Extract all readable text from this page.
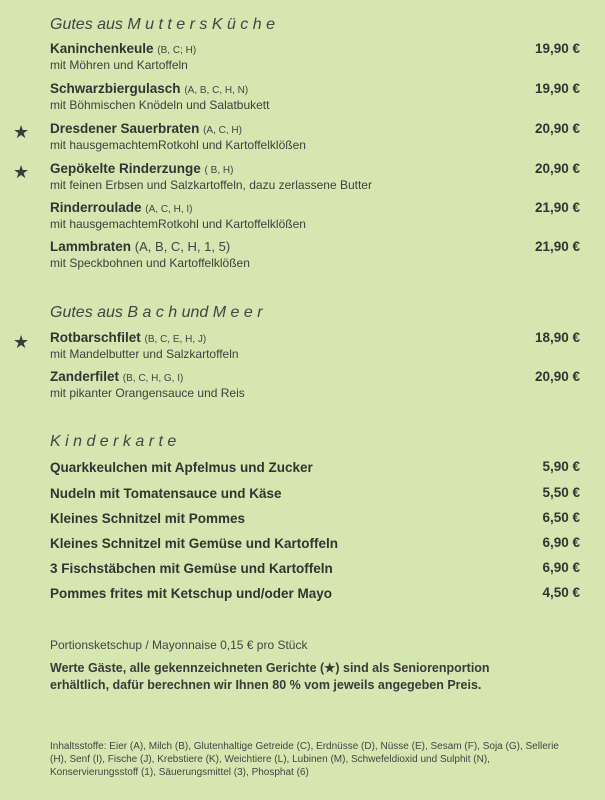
Gutes aus M u t t e r s K ü c h e
Kaninchenkeule (B, C; H)
mit Möhren und Kartoffeln
19,90 €
Schwarzbiergulasch (A, B, C, H, N)
mit Böhmischen Knödeln und Salatbukett
19,90 €
★ Dresdener Sauerbraten (A, C, H)
mit hausgemachtemRotkohl und Kartoffelklößen
20,90 €
★ Gepökelte Rinderzunge ( B, H)
mit feinen Erbsen und Salzkartoffeln, dazu zerlassene Butter
20,90 €
Rinderroulade (A, C, H, I)
mit hausgemachtemRotkohl und Kartoffelklößen
21,90 €
Lammbraten (A, B, C, H, 1, 5)
mit Speckbohnen und Kartoffelklößen
21,90 €
Gutes aus B a c h und M e e r
★ Rotbarschfilet (B, C, E, H, J)
mit Mandelbutter und Salzkartoffeln
18,90 €
Zanderfilet (B, C, H, G, I)
mit pikanter Orangensauce und Reis
20,90 €
K i n d e r k a r t e
Quarkkeulchen mit Apfelmus und Zucker	5,90 €
Nudeln mit Tomatensauce und Käse	5,50 €
Kleines Schnitzel mit Pommes	6,50 €
Kleines Schnitzel mit Gemüse und Kartoffeln	6,90 €
3 Fischstäbchen mit Gemüse und Kartoffeln	6,90 €
Pommes frites mit Ketschup und/oder Mayo	4,50 €
Portionsketschup / Mayonnaise 0,15 € pro Stück
Werte Gäste, alle gekennzeichneten Gerichte (★) sind als Seniorenportion erhältlich, dafür berechnen wir Ihnen 80 % vom jeweils angegeben Preis.
Inhaltsstoffe: Eier (A), Milch (B), Glutenhaltige Getreide (C), Erdnüsse (D), Nüsse (E), Sesam (F), Soja (G), Sellerie (H), Senf (I), Fische (J), Krebstiere (K), Weichtiere (L), Lubinen (M), Schwefeldioxid und Sulphit (N), Konservierungsstoff (1), Säuerungsmittel (3), Phosphat (6)
